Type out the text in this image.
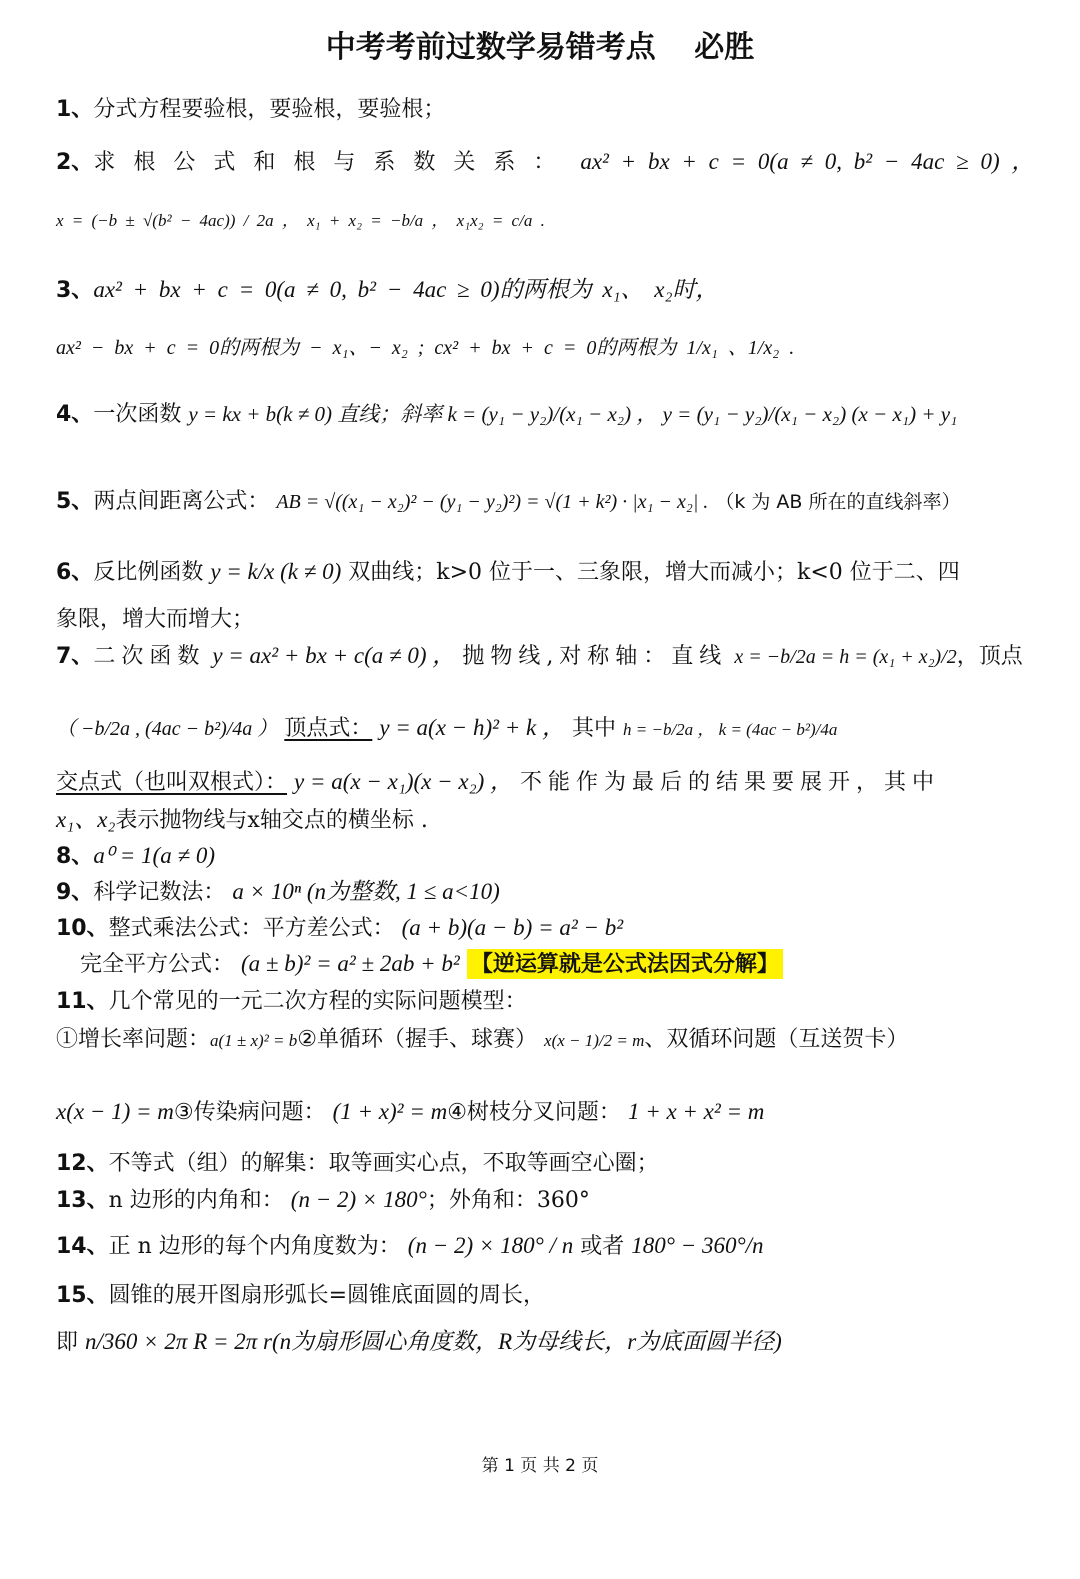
中考考前过数学易错考点 必胜
1、分式方程要验根，要验根，要验根；
2、求根公式和根与系数关系： ax² + bx + c = 0(a ≠ 0, b² − 4ac ≥ 0) ，
x = (−b ± √(b² − 4ac)) / 2a ， x₁ + x₂ = −b/a ， x₁x₂ = c/a .
3、ax² + bx + c = 0(a ≠ 0, b² − 4ac ≥ 0)的两根为 x₁、 x₂时，
ax² − bx + c = 0的两根为 − x₁、− x₂ ; cx² + bx + c = 0的两根为 1/x₁ 、1/x₂ .
4、一次函数 y = kx + b(k ≠ 0) 直线；斜率 k = (y₁ − y₂)/(x₁ − x₂) ， y = (y₁ − y₂)/(x₁ − x₂) (x − x₁) + y₁
5、两点间距离公式： AB = √((x₁ − x₂)² − (y₁ − y₂)²) = √(1 + k²) · |x₁ − x₂| . （k 为 AB 所在的直线斜率）
6、反比例函数 y = k/x (k ≠ 0) 双曲线；k>0 位于一、三象限，增大而减小；k<0 位于二、四
象限，增大而增大；
7、二次函数 y = ax² + bx + c(a ≠ 0) ， 抛物线,对称轴：直线 x = −b/2a = h = (x₁ + x₂)/2，顶点
（ −b/2a , (4ac − b²)/4a ） 顶点式： y = a(x − h)² + k ， 其中 h = −b/2a ， k = (4ac − b²)/4a
交点式（也叫双根式）： y = a(x − x₁)(x − x₂) ， 不能作为最后的结果要展开，其中
x₁、x₂表示抛物线与x轴交点的横坐标 .
8、a⁰ = 1(a ≠ 0)
9、科学记数法： a × 10ⁿ (n为整数, 1 ≤ a<10)
10、整式乘法公式：平方差公式： (a + b)(a − b) = a² − b²
完全平方公式： (a ± b)² = a² ± 2ab + b² 【逆运算就是公式法因式分解】
11、几个常见的一元二次方程的实际问题模型：
①增长率问题：a(1 ± x)² = b②单循环（握手、球赛） x(x − 1)/2 = m、双循环问题（互送贺卡）
x(x − 1) = m③传染病问题： (1 + x)² = m④树枝分叉问题： 1 + x + x² = m
12、不等式（组）的解集：取等画实心点，不取等画空心圈；
13、n 边形的内角和： (n − 2) × 180°；外角和：360°
14、正 n 边形的每个内角度数为： (n − 2) × 180° / n 或者 180° − 360°/n
15、圆锥的展开图扇形弧长=圆锥底面圆的周长，
即 n/360 × 2π R = 2π r(n为扇形圆心角度数，R为母线长，r为底面圆半径)
第 1 页 共 2 页
